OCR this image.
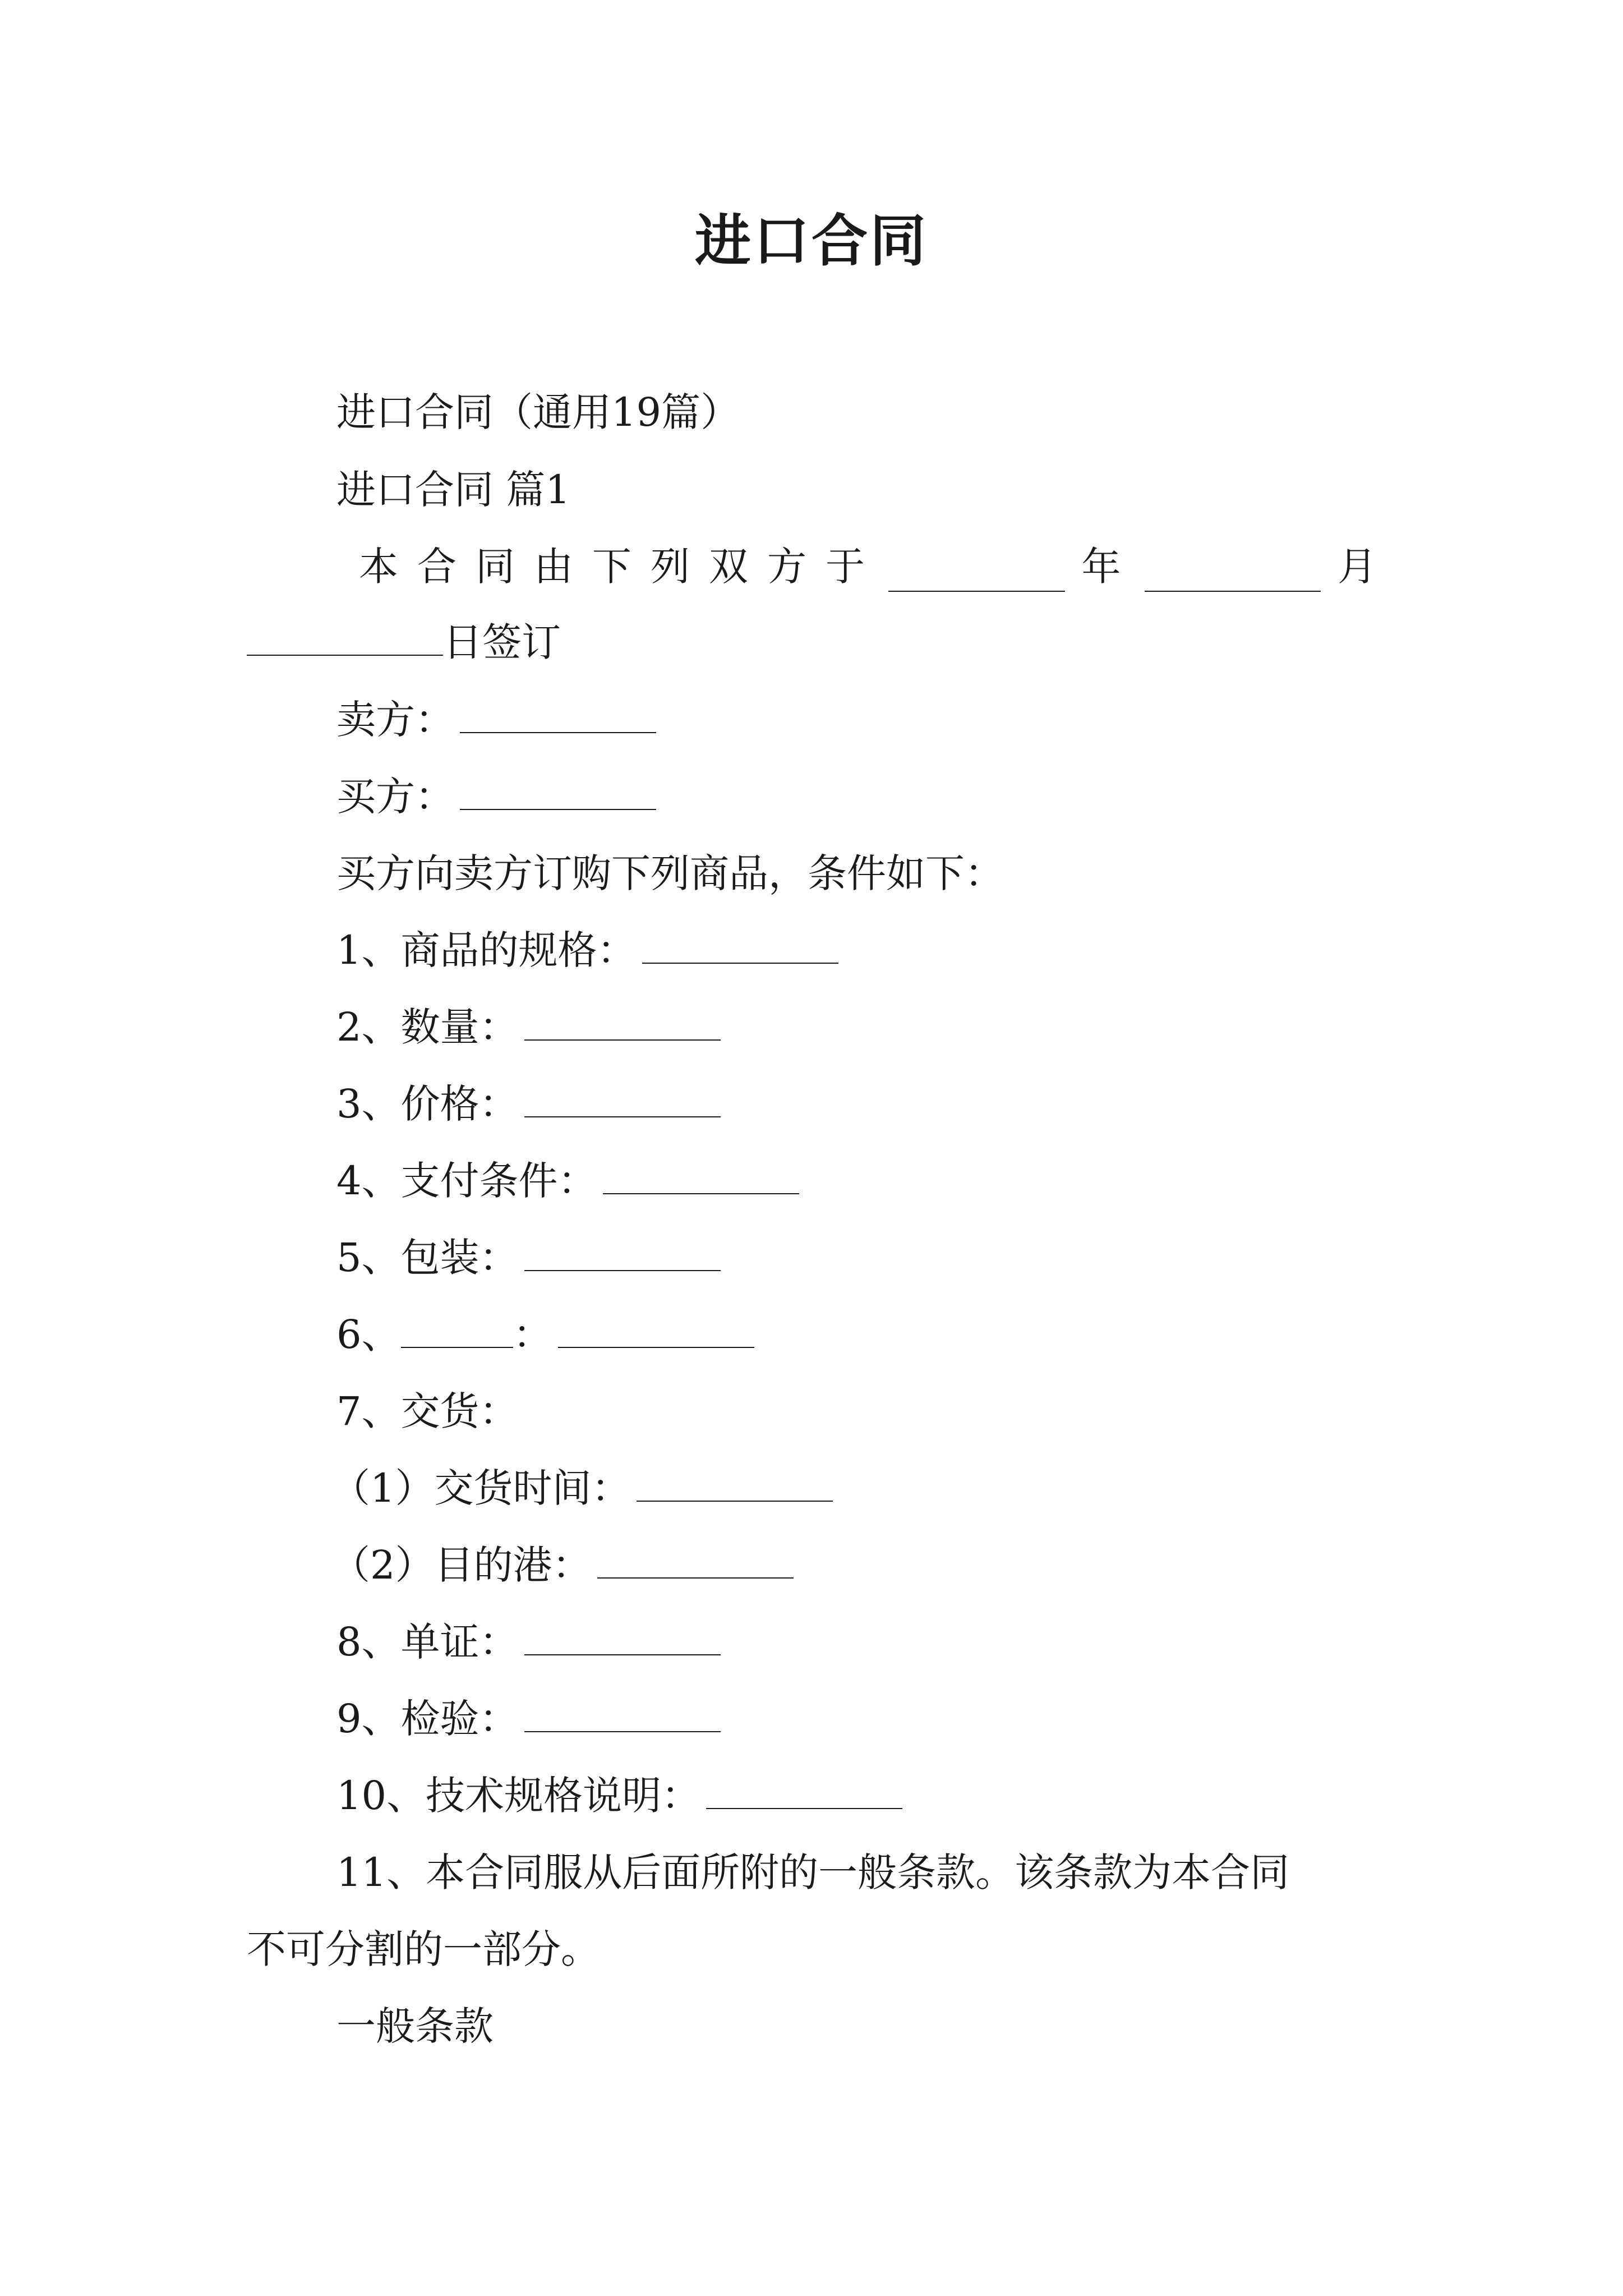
进口合同
进口合同（通用19篇）
进口合同 篇1
本合同由下列双方于	年	月
日签订
卖方：
买方：
买方向卖方订购下列商品，条件如下：
1、商品的规格：
2、数量：
3、价格：
4、支付条件：
5、包装：
6、	：
7、交货：
（1）交货时间：
（2）目的港：
8、单证：
9、检验：
10、技术规格说明：
11、本合同服从后面所附的一般条款。该条款为本合同
不可分割的一部分。
一般条款
